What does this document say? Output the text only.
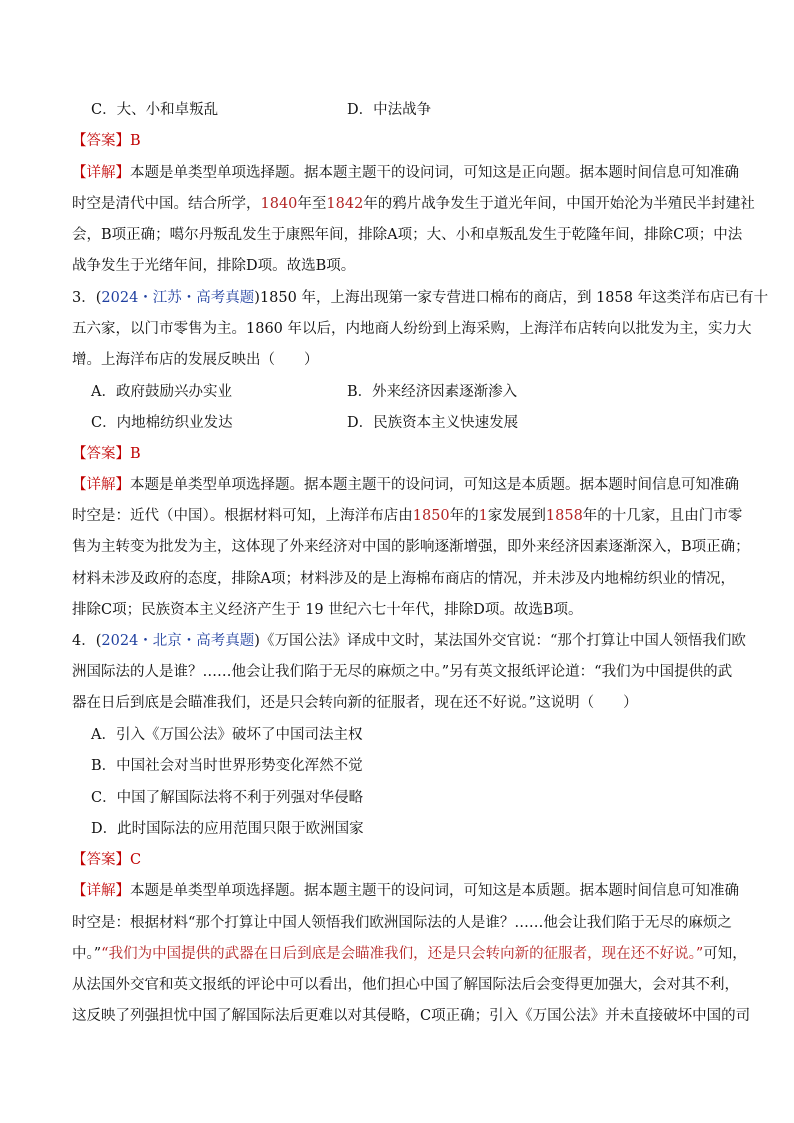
C．大、小和卓叛乱	D．中法战争
【答案】B
【详解】本题是单类型单项选择题。据本题主题干的设问词，可知这是正向题。据本题时间信息可知准确
时空是清代中国。结合所学，1840年至1842年的鸦片战争发生于道光年间，中国开始沦为半殖民半封建社
会，B项正确；噶尔丹叛乱发生于康熙年间，排除A项；大、小和卓叛乱发生于乾隆年间，排除C项；中法
战争发生于光绪年间，排除D项。故选B项。
3．(2024・江苏・高考真题)1850 年，上海出现第一家专营进口棉布的商店，到 1858 年这类洋布店已有十
五六家，以门市零售为主。1860 年以后，内地商人纷纷到上海采购，上海洋布店转向以批发为主，实力大
增。上海洋布店的发展反映出（　　）
A．政府鼓励兴办实业	B．外来经济因素逐渐渗入
C．内地棉纺织业发达	D．民族资本主义快速发展
【答案】B
【详解】本题是单类型单项选择题。据本题主题干的设问词，可知这是本质题。据本题时间信息可知准确
时空是：近代（中国）。根据材料可知，上海洋布店由1850年的1家发展到1858年的十几家，且由门市零
售为主转变为批发为主，这体现了外来经济对中国的影响逐渐增强，即外来经济因素逐渐深入，B项正确；
材料未涉及政府的态度，排除A项；材料涉及的是上海棉布商店的情况，并未涉及内地棉纺织业的情况，
排除C项；民族资本主义经济产生于 19 世纪六七十年代，排除D项。故选B项。
4．(2024・北京・高考真题)《万国公法》译成中文时，某法国外交官说：“那个打算让中国人领悟我们欧
洲国际法的人是谁？……他会让我们陷于无尽的麻烦之中。”另有英文报纸评论道：“我们为中国提供的武
器在日后到底是会瞄准我们，还是只会转向新的征服者，现在还不好说。”这说明（　　）
A．引入《万国公法》破坏了中国司法主权
B．中国社会对当时世界形势变化浑然不觉
C．中国了解国际法将不利于列强对华侵略
D．此时国际法的应用范围只限于欧洲国家
【答案】C
【详解】本题是单类型单项选择题。据本题主题干的设问词，可知这是本质题。据本题时间信息可知准确
时空是：根据材料“那个打算让中国人领悟我们欧洲国际法的人是谁？……他会让我们陷于无尽的麻烦之
中。”“我们为中国提供的武器在日后到底是会瞄准我们，还是只会转向新的征服者，现在还不好说。”可知，
从法国外交官和英文报纸的评论中可以看出，他们担心中国了解国际法后会变得更加强大，会对其不利，
这反映了列强担忧中国了解国际法后更难以对其侵略，C项正确；引入《万国公法》并未直接破坏中国的司
